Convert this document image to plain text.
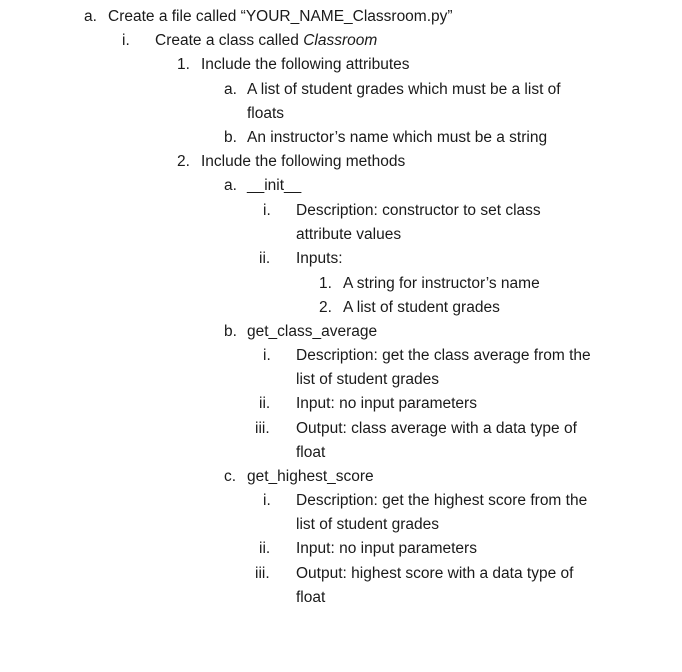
a. Create a file called “YOUR_NAME_Classroom.py”
i. Create a class called Classroom
1. Include the following attributes
a. A list of student grades which must be a list of
floats
b. An instructor’s name which must be a string
2. Include the following methods
a. __init__
i. Description: constructor to set class
attribute values
ii. Inputs:
1. A string for instructor’s name
2. A list of student grades
b. get_class_average
i. Description: get the class average from the
list of student grades
ii. Input: no input parameters
iii. Output: class average with a data type of
float
c. get_highest_score
i. Description: get the highest score from the
list of student grades
ii. Input: no input parameters
iii. Output: highest score with a data type of
float
